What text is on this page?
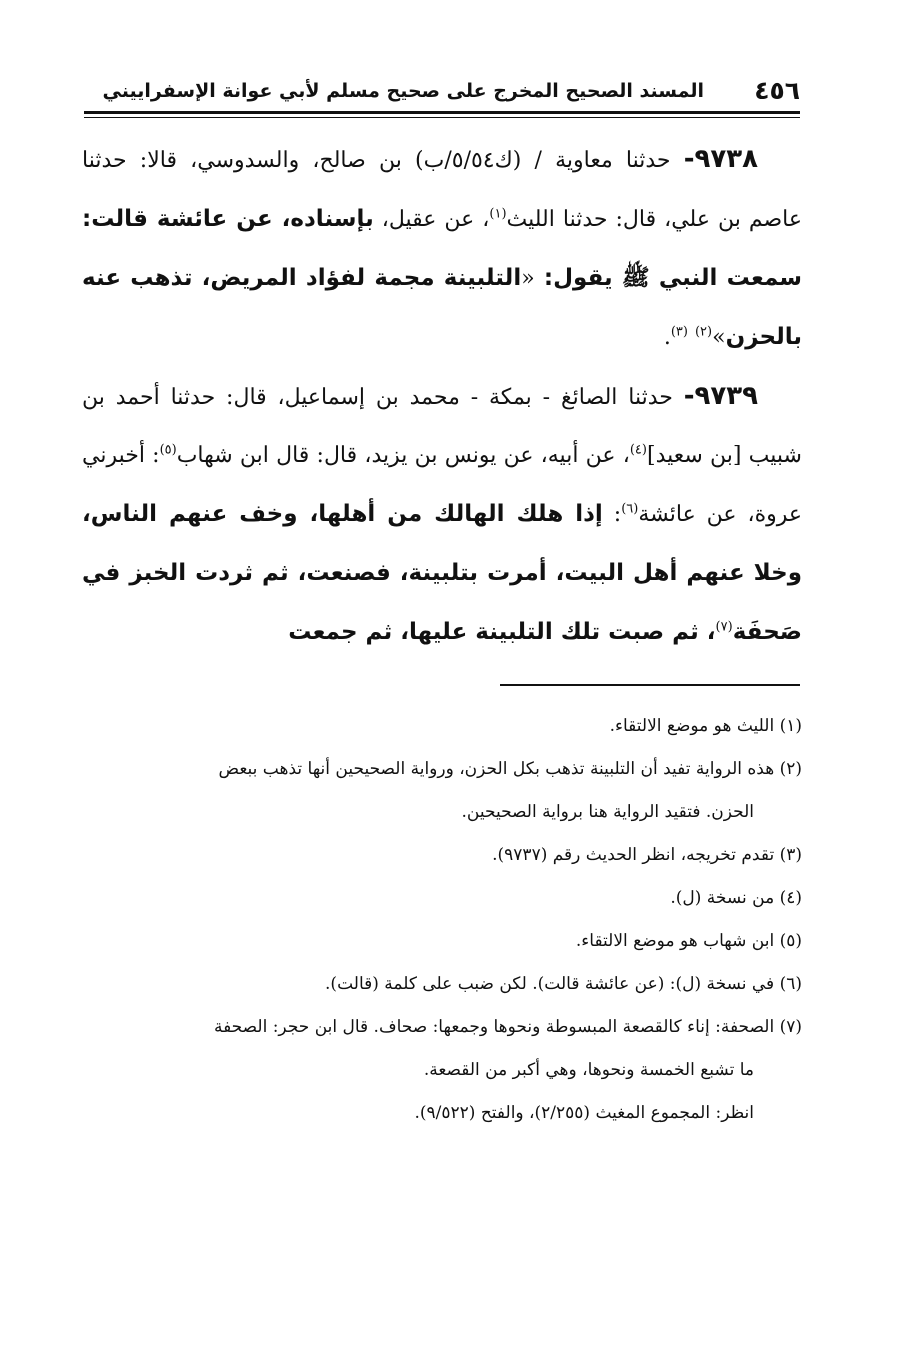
٤٥٦
المسند الصحيح المخرج على صحيح مسلم لأبي عوانة الإسفراييني

​  ٩٧٣٨- حدثنا معاوية / (ك٥/٥٤/ب) بن صالح، والسدوسي، قالا: حدثنا عاصم بن علي، قال: حدثنا الليث$^{(١)}$، عن عقيل، بإسناده، عن عائشة قالت: سمعت النبي ﷺ يقول: «التلبينة مجمة لفؤاد المريض، تذهب عنه بالحزن»$^{(٢)}$ $^{(٣)}$.

​  ٩٧٣٩- حدثنا الصائغ - بمكة - محمد بن إسماعيل، قال: حدثنا أحمد بن شبيب [بن سعيد]$^{(٤)}$، عن أبيه، عن يونس بن يزيد، قال: قال ابن شهاب$^{(٥)}$: أخبرني عروة، عن عائشة$^{(٦)}$: إذا هلك الهالك من أهلها، وخف عنهم الناس، وخلا عنهم أهل البيت، أمرت بتلبينة، فصنعت، ثم ثردت الخبز في صَحفَة$^{(٧)}$، ثم صبت تلك التلبينة عليها، ثم جمعت

(١) الليث هو موضع الالتقاء.

(٢) هذه الرواية تفيد أن التلبينة تذهب بكل الحزن، ورواية الصحيحين أنها تذهب ببعض

الحزن. فتقيد الرواية هنا برواية الصحيحين.

(٣) تقدم تخريجه، انظر الحديث رقم (٩٧٣٧).

(٤) من نسخة (ل).

(٥) ابن شهاب هو موضع الالتقاء.

(٦) في نسخة (ل): (عن عائشة قالت). لكن ضبب على كلمة (قالت).

(٧) الصحفة: إناء كالقصعة المبسوطة ونحوها وجمعها: صحاف. قال ابن حجر: الصحفة

ما تشبع الخمسة ونحوها، وهي أكبر من القصعة.

انظر: المجموع المغيث (٢/٢٥٥)، والفتح (٩/٥٢٢).
